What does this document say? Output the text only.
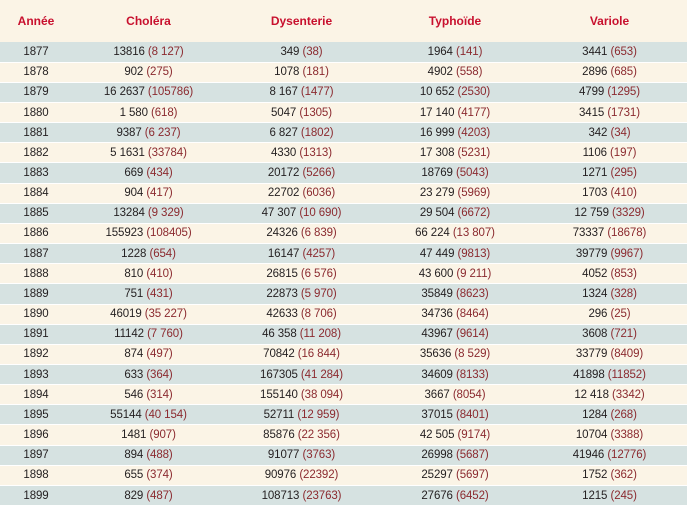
Année	Choléra	Dysenterie	Typhoïde	Variole
1877	13816 (8 127)	349 (38)	1964 (141)	3441 (653)
1878	902 (275)	1078 (181)	4902 (558)	2896 (685)
1879	16 2637 (105786)	8 167 (1477)	10 652 (2530)	4799 (1295)
1880	1 580 (618)	5047 (1305)	17 140 (4177)	3415 (1731)
1881	9387 (6 237)	6 827 (1802)	16 999 (4203)	342 (34)
1882	5 1631 (33784)	4330 (1313)	17 308 (5231)	1106 (197)
1883	669 (434)	20172 (5266)	18769 (5043)	1271 (295)
1884	904 (417)	22702 (6036)	23 279 (5969)	1703 (410)
1885	13284 (9 329)	47 307 (10 690)	29 504 (6672)	12 759 (3329)
1886	155923 (108405)	24326 (6 839)	66 224 (13 807)	73337 (18678)
1887	1228 (654)	16147 (4257)	47 449 (9813)	39779 (9967)
1888	810 (410)	26815 (6 576)	43 600 (9 211)	4052 (853)
1889	751 (431)	22873 (5 970)	35849 (8623)	1324 (328)
1890	46019 (35 227)	42633 (8 706)	34736 (8464)	296 (25)
1891	11142 (7 760)	46 358 (11 208)	43967 (9614)	3608 (721)
1892	874 (497)	70842 (16 844)	35636 (8 529)	33779 (8409)
1893	633 (364)	167305 (41 284)	34609 (8133)	41898 (11852)
1894	546 (314)	155140 (38 094)	3667 (8054)	12 418 (3342)
1895	55144 (40 154)	52711 (12 959)	37015 (8401)	1284 (268)
1896	1481 (907)	85876 (22 356)	42 505 (9174)	10704 (3388)
1897	894 (488)	91077 (3763)	26998 (5687)	41946 (12776)
1898	655 (374)	90976 (22392)	25297 (5697)	1752 (362)
1899	829 (487)	108713 (23763)	27676 (6452)	1215 (245)
